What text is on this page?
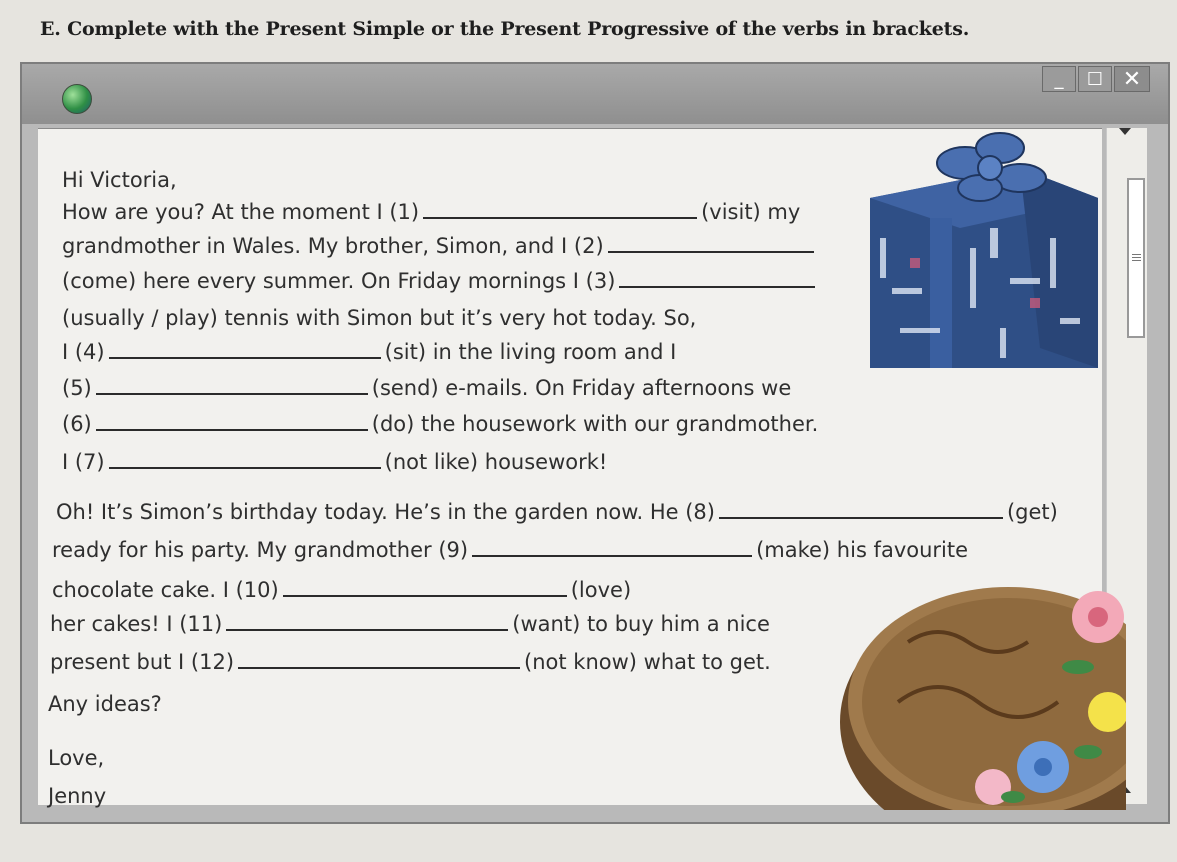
E. Complete with the Present Simple or the Present Progressive of the verbs in brackets.
_ ☐ ✕
Hi Victoria,
How are you? At the moment I (1)	(visit) my
grandmother in Wales. My brother, Simon, and I (2)
(come) here every summer. On Friday mornings I (3)
(usually / play) tennis with Simon but it’s very hot today. So,
I (4)	(sit) in the living room and I
(5)	(send) e-mails. On Friday afternoons we
(6)	(do) the housework with our grandmother.
I (7)	(not like) housework!
Oh! It’s Simon’s birthday today. He’s in the garden now. He (8)	(get)
ready for his party. My grandmother (9)	(make) his favourite
chocolate cake. I (10)	(love)
her cakes! I (11)	(want) to buy him a nice
present but I (12)	(not know) what to get.
Any ideas?
Love,
Jenny
